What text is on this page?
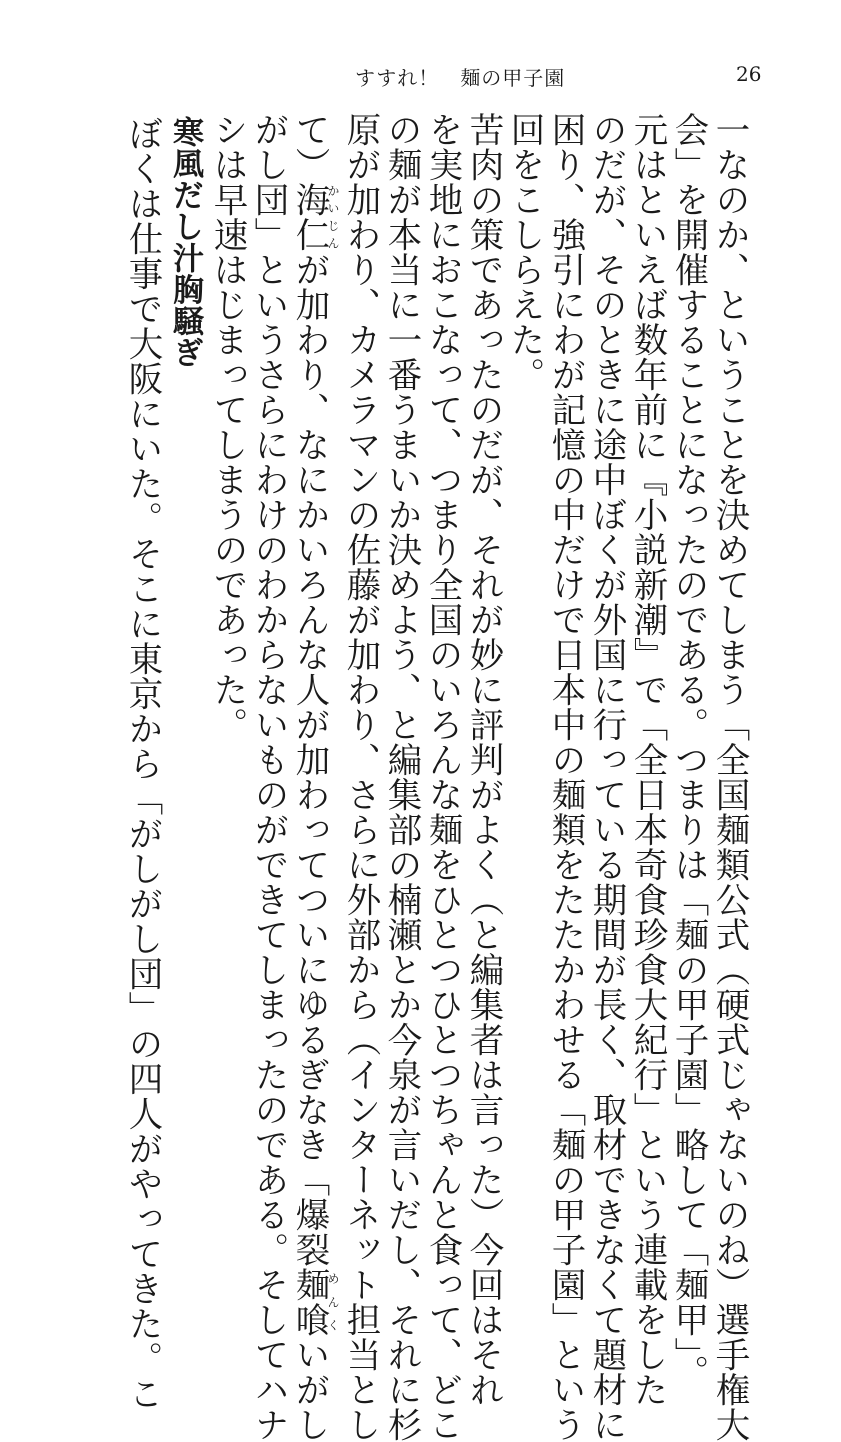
すすれ！　麺の甲子園	26

一なのか、ということを決めてしまう「全国麺類公式（硬式じゃないのね）選手権大

会」を開催することになったのである。つまりは「麺の甲子園」略して「麺甲」。

元はといえば数年前に『小説新潮』で「全日本奇食珍食大紀行」という連載をした

のだが、そのときに途中ぼくが外国に行っている期間が長く、取材できなくて題材に

困り、強引にわが記憶の中だけで日本中の麺類をたたかわせる「麺の甲子園」という

回をこしらえた。

苦肉の策であったのだが、それが妙に評判がよく（と編集者は言った）今回はそれ

を実地におこなって、つまり全国のいろんな麺をひとつひとつちゃんと食って、どこ

の麺が本当に一番うまいか決めよう、と編集部の楠瀬とか今泉が言いだし、それに杉

原が加わり、カメラマンの佐藤が加わり、さらに外部から（インターネット担当とし

て）海仁かいじんが加わり、なにかいろんな人が加わってついにゆるぎなき「爆裂麺喰めんくいがし

がし団」というさらにわけのわからないものができてしまったのである。そしてハナ

シは早速はじまってしまうのであった。

寒風だし汁胸騒ぎ

ぼくは仕事で大阪にいた。そこに東京から「がしがし団」の四人がやってきた。こ
